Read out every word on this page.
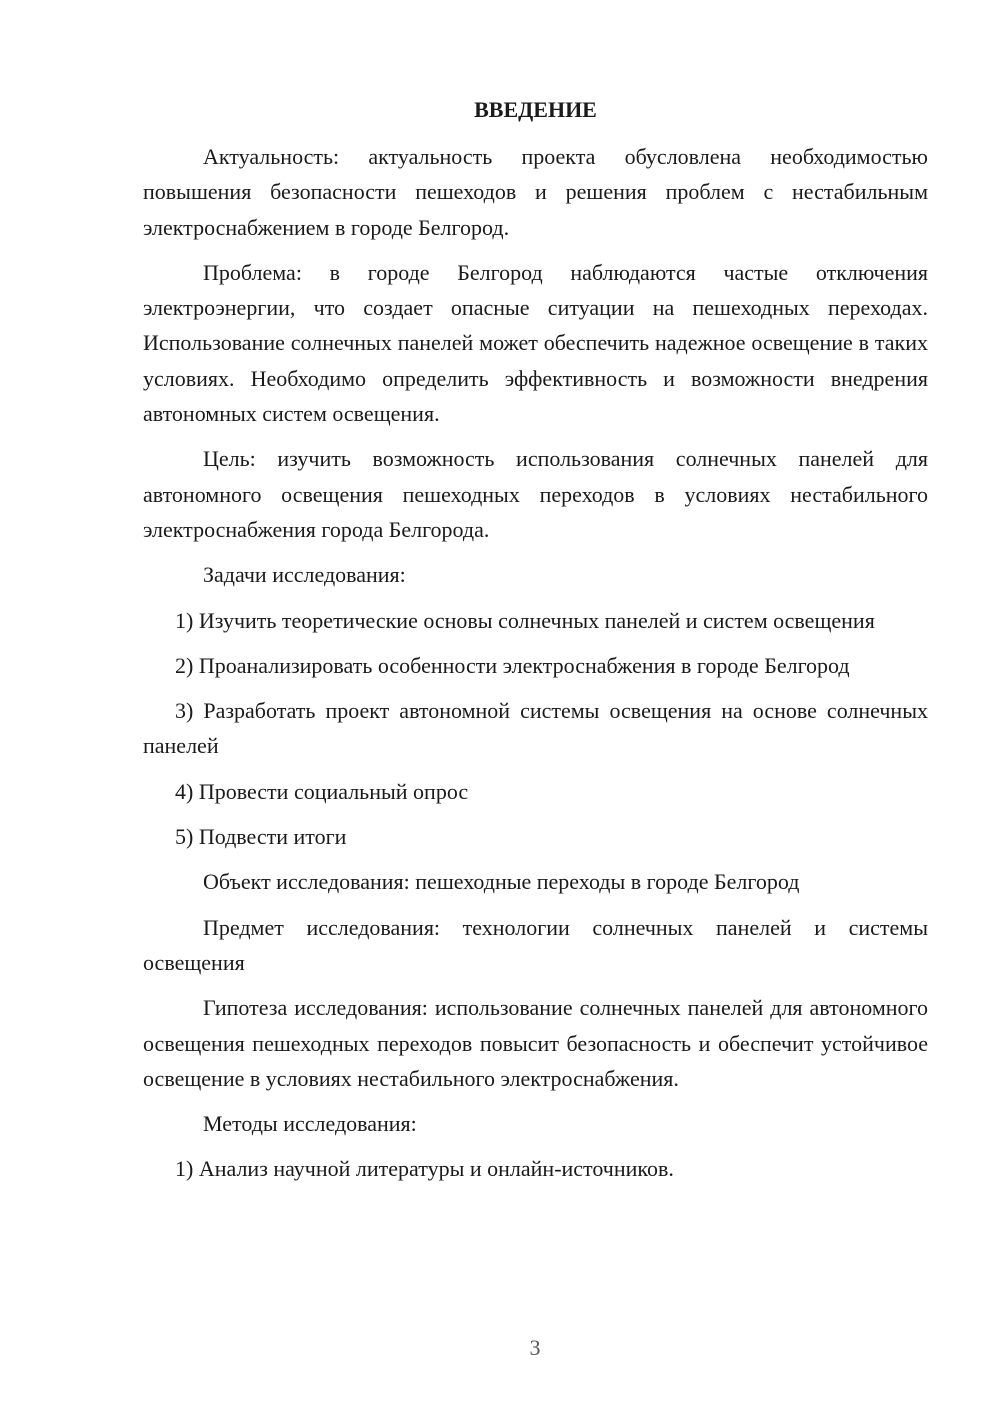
ВВЕДЕНИЕ

Актуальность: актуальность проекта обусловлена необходимостью повышения безопасности пешеходов и решения проблем с нестабильным электроснабжением в городе Белгород.

Проблема: в городе Белгород наблюдаются частые отключения электроэнергии, что создает опасные ситуации на пешеходных переходах. Использование солнечных панелей может обеспечить надежное освещение в таких условиях. Необходимо определить эффективность и возможности внедрения автономных систем освещения.

Цель: изучить возможность использования солнечных панелей для автономного освещения пешеходных переходов в условиях нестабильного электроснабжения города Белгорода.

Задачи исследования:

1) Изучить теоретические основы солнечных панелей и систем освещения

2) Проанализировать особенности электроснабжения в городе Белгород

3) Разработать проект автономной системы освещения на основе солнечных панелей

4) Провести социальный опрос

5) Подвести итоги

Объект исследования: пешеходные переходы в городе Белгород

Предмет исследования: технологии солнечных панелей и системы освещения

Гипотеза исследования: использование солнечных панелей для автономного освещения пешеходных переходов повысит безопасность и обеспечит устойчивое освещение в условиях нестабильного электроснабжения.

Методы исследования:

1) Анализ научной литературы и онлайн-источников.

3
